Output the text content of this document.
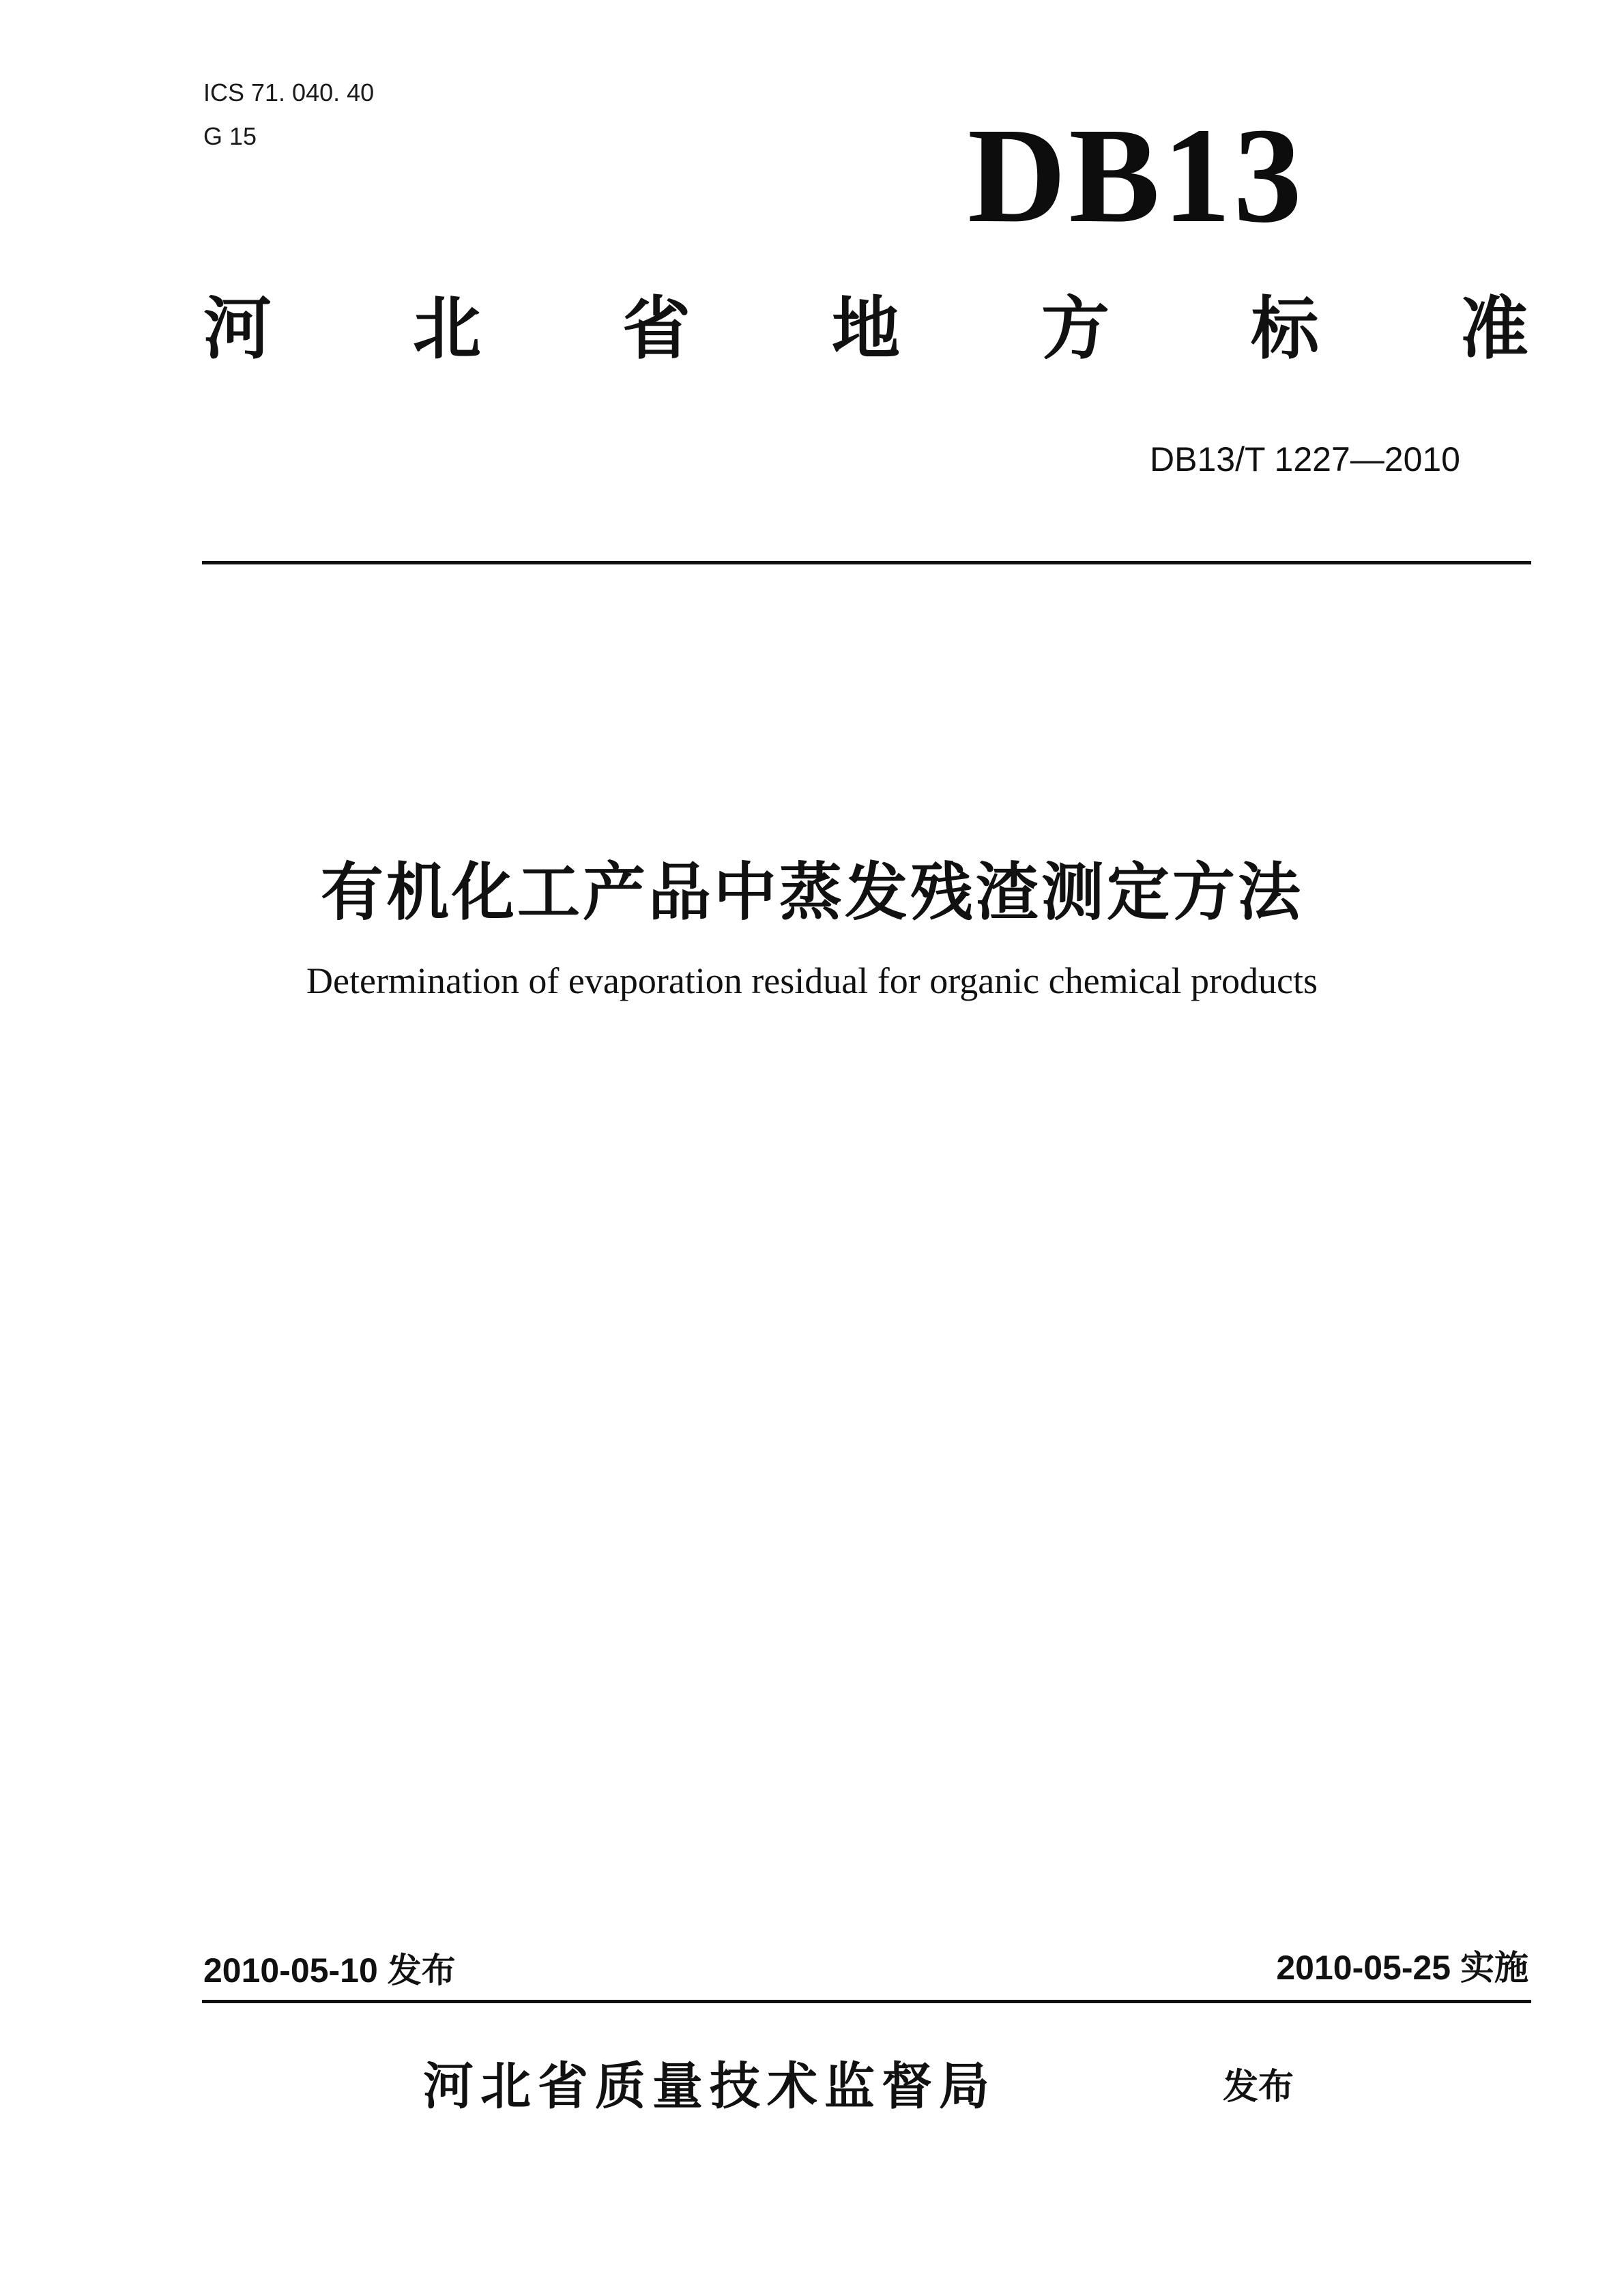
ICS 71. 040. 40
G 15	DB13
河 北 省 地 方 标 准
DB13/T 1227—2010
有机化工产品中蒸发残渣测定方法
Determination of evaporation residual for organic chemical products
2010-05-10 发布	2010-05-25 实施
河北省质量技术监督局	发布
